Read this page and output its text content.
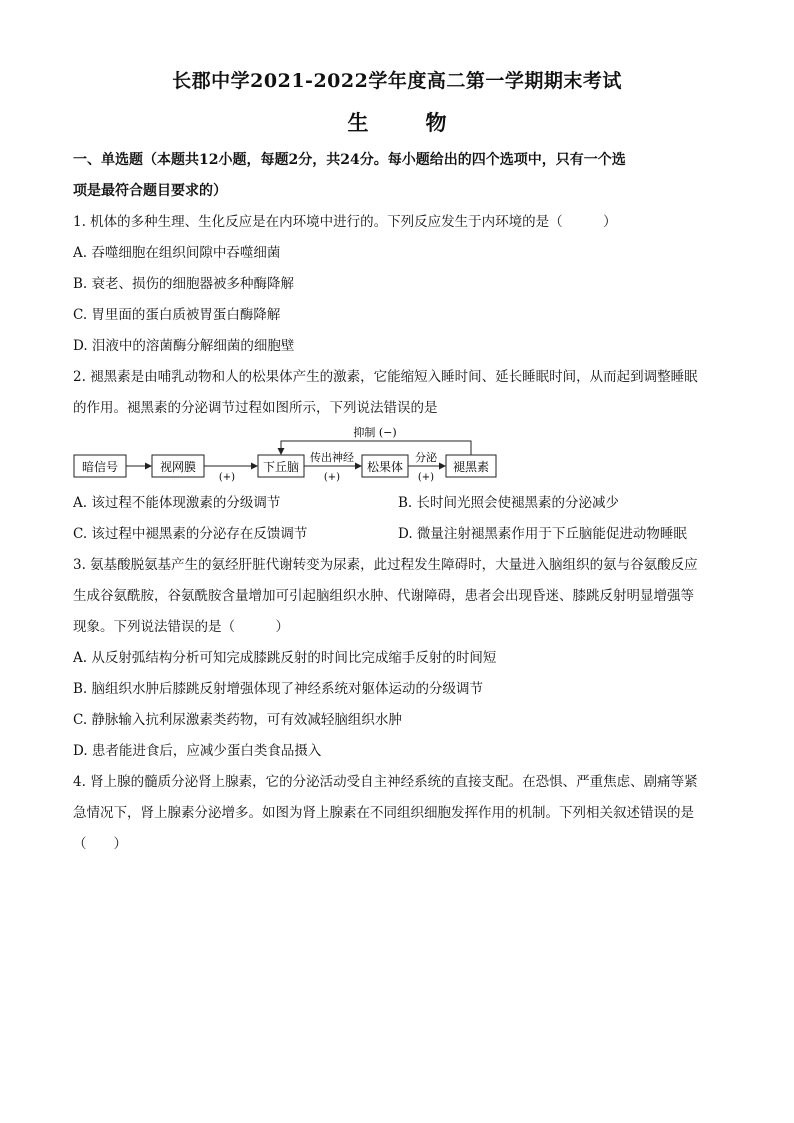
长郡中学2021-2022学年度高二第一学期期末考试
生　物
一、单选题（本题共12小题，每题2分，共24分。每小题给出的四个选项中，只有一个选
项是最符合题目要求的）
1. 机体的多种生理、生化反应是在内环境中进行的。下列反应发生于内环境的是（　　　）
A. 吞噬细胞在组织间隙中吞噬细菌
B. 衰老、损伤的细胞器被多种酶降解
C. 胃里面的蛋白质被胃蛋白酶降解
D. 泪液中的溶菌酶分解细菌的细胞壁
2. 褪黑素是由哺乳动物和人的松果体产生的激素，它能缩短入睡时间、延长睡眠时间，从而起到调整睡眠
的作用。褪黑素的分泌调节过程如图所示，下列说法错误的是
暗信号	视网膜	下丘脑	松果体	褪黑素
(+)
传出神经
(+)
分泌
(+)
抑制 (−)
A. 该过程不能体现激素的分级调节	B. 长时间光照会使褪黑素的分泌减少
C. 该过程中褪黑素的分泌存在反馈调节	D. 微量注射褪黑素作用于下丘脑能促进动物睡眠
3. 氨基酸脱氨基产生的氨经肝脏代谢转变为尿素，此过程发生障碍时，大量进入脑组织的氨与谷氨酸反应
生成谷氨酰胺，谷氨酰胺含量增加可引起脑组织水肿、代谢障碍，患者会出现昏迷、膝跳反射明显增强等
现象。下列说法错误的是（　　　）
A. 从反射弧结构分析可知完成膝跳反射的时间比完成缩手反射的时间短
B. 脑组织水肿后膝跳反射增强体现了神经系统对躯体运动的分级调节
C. 静脉输入抗利尿激素类药物，可有效减轻脑组织水肿
D. 患者能进食后，应减少蛋白类食品摄入
4. 肾上腺的髓质分泌肾上腺素，它的分泌活动受自主神经系统的直接支配。在恐惧、严重焦虑、剧痛等紧
急情况下，肾上腺素分泌增多。如图为肾上腺素在不同组织细胞发挥作用的机制。下列相关叙述错误的是
（　　）
